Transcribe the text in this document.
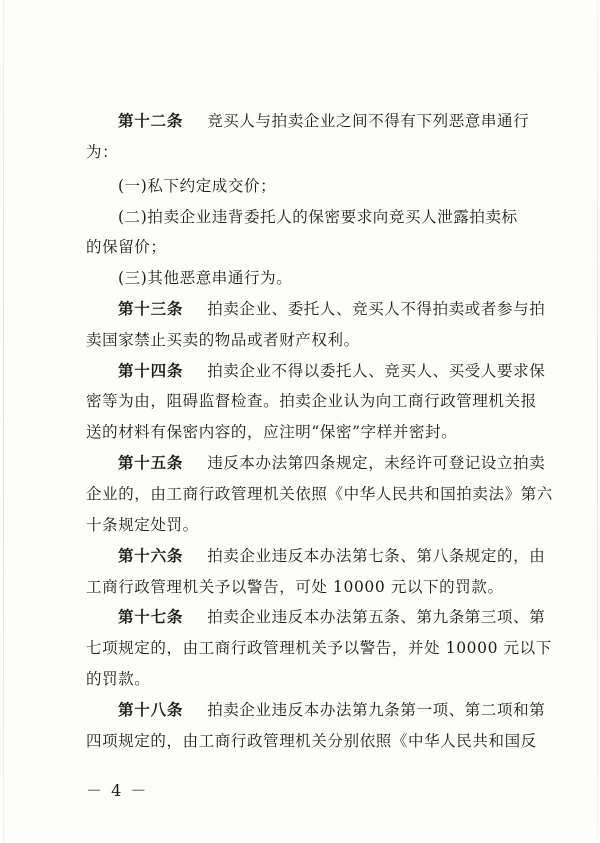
第十二条 竞买人与拍卖企业之间不得有下列恶意串通行
为：
(一)私下约定成交价；
(二)拍卖企业违背委托人的保密要求向竞买人泄露拍卖标
的保留价；
(三)其他恶意串通行为。
第十三条 拍卖企业、委托人、竞买人不得拍卖或者参与拍
卖国家禁止买卖的物品或者财产权利。
第十四条 拍卖企业不得以委托人、竞买人、买受人要求保
密等为由，阻碍监督检查。拍卖企业认为向工商行政管理机关报
送的材料有保密内容的，应注明“保密”字样并密封。
第十五条 违反本办法第四条规定，未经许可登记设立拍卖
企业的，由工商行政管理机关依照《中华人民共和国拍卖法》第六
十条规定处罚。
第十六条 拍卖企业违反本办法第七条、第八条规定的，由
工商行政管理机关予以警告，可处 10000 元以下的罚款。
第十七条 拍卖企业违反本办法第五条、第九条第三项、第
七项规定的，由工商行政管理机关予以警告，并处 10000 元以下
的罚款。
第十八条 拍卖企业违反本办法第九条第一项、第二项和第
四项规定的，由工商行政管理机关分别依照《中华人民共和国反
－ 4 －
